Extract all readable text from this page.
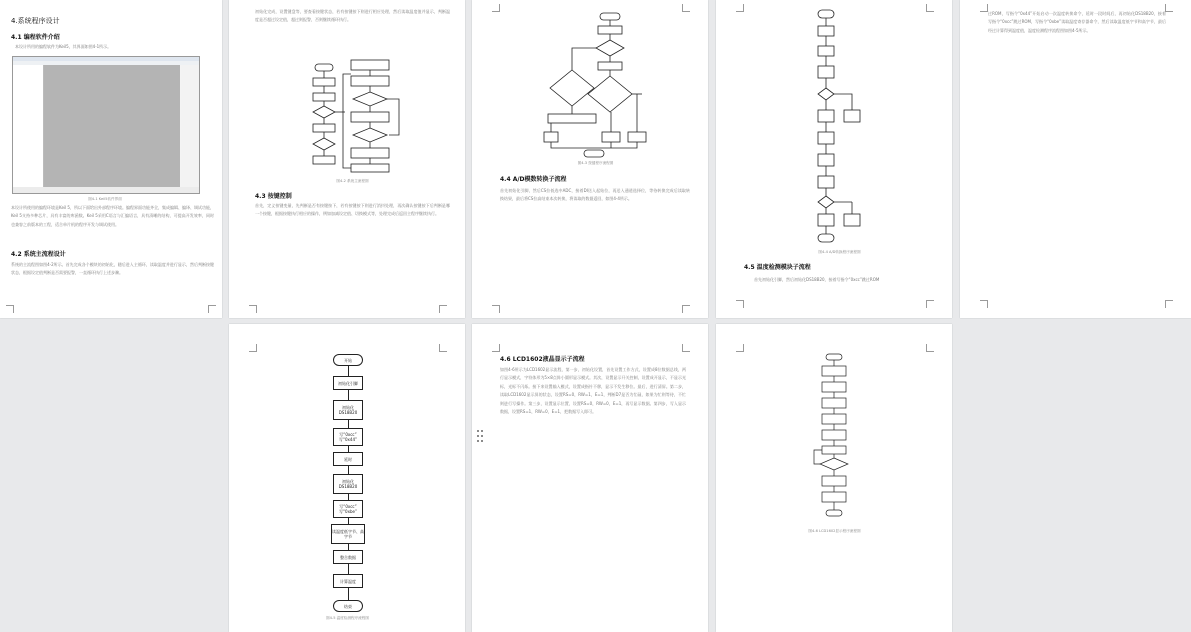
4.系统程序设计
4.1 编程软件介绍
本设计所用的编程软件为Keil5，其界面如图4-1所示。
图4-1 Keil5软件界面
本设计所使用的编程环境是Keil 5，所以下面给出外部程序环境。编程界面功能齐全，集成编辑、编译、调试功能，Keil 5支持多种芯片，具有丰富的库函数。Keil 5采用C语言与汇编语言，具有清晰的结构，可提高开发效率，同时也兼容之前版本的工程，适合单片机的程序开发与调试使用。
4.2 系统主流程设计
系统的主流程图如图4-2所示。首先完成各个模块的初始化，随后进入主循环，读取温度并进行显示，然后判断按键状态，根据设定值判断是否需要报警，一直循环执行上述步骤。
初始化完成，设置键盘等，要查看按键状态，若有按键按下则进行相应处理，然后读取温度值并显示，判断温度是否超过设定值，超过则报警，否则继续循环执行。
图4-2 系统主流程图
4.3 按键控制
首先，定义按键变量，先判断是否有按键按下，若有按键按下则进行消抖处理，再次确认按键按下后判断是哪一个按键，根据按键执行相应的操作，例如加减设定值、切换模式等，处理完成后返回主程序继续执行。
图4-3 按键程序流程图
4.4 A/D模数转换子流程
首先初始化引脚，然后CS拉低选中ADC，接着DI送入起始位，再送入通道选择位，等待转换完成后读取转换结果，最后将CS拉高结束本次转换，将读取的数据返回，如图4-4所示。
图4-4 A/D转换程序流程图
4.5 温度检测模块子流程
首先初始化引脚，然后初始化DS18B20，接着写指令“0xcc”跳过ROM
过ROM，写指令“0x44”开始启动一次温度转换命令，延时一段时间后，再初始化DS18B20，接着写指令“0xcc”跳过ROM，写指令“0xbe”读取温度寄存器命令，然后读取温度低字节和高字节，最后经过计算得到温度值，温度检测程序流程图如图4-5所示。
开始
初始化引脚
初始化DS18B20
写“0xcc” 写“0x44”
延时
初始化DS18B20
写“0xcc” 写“0xbe”
读温度低字节、高字节
整合数据
计算温度
结束
图4-5 温度检测程序流程图
4.6 LCD1602液晶显示子流程
如图4-6所示为LCD1602显示流程，第一步，初始化设置，首先设置工作方式，设置成8位数据总线，两行显示模式，字符体形为5×8点阵小圆形显示模式。其次，设置显示开关控制，设置成开显示，不显示光标，光标不闪烁。接下来设置输入模式，设置成指针不移，显示不发生移位。最后，进行清屏。第二步，读取LCD1602显示屏的状态，设置RS=0，RW=1，E=1，判断D7是否为忙碌，如果为忙则等待，不忙则进行写操作。第三步，设置显示位置，设置RS=0，RW=0，E=1，再写显示数据。第四步，写入显示数据，设置RS=1，RW=0，E=1，把数据写入即可。
图4-6 LCD1602显示程序流程图
